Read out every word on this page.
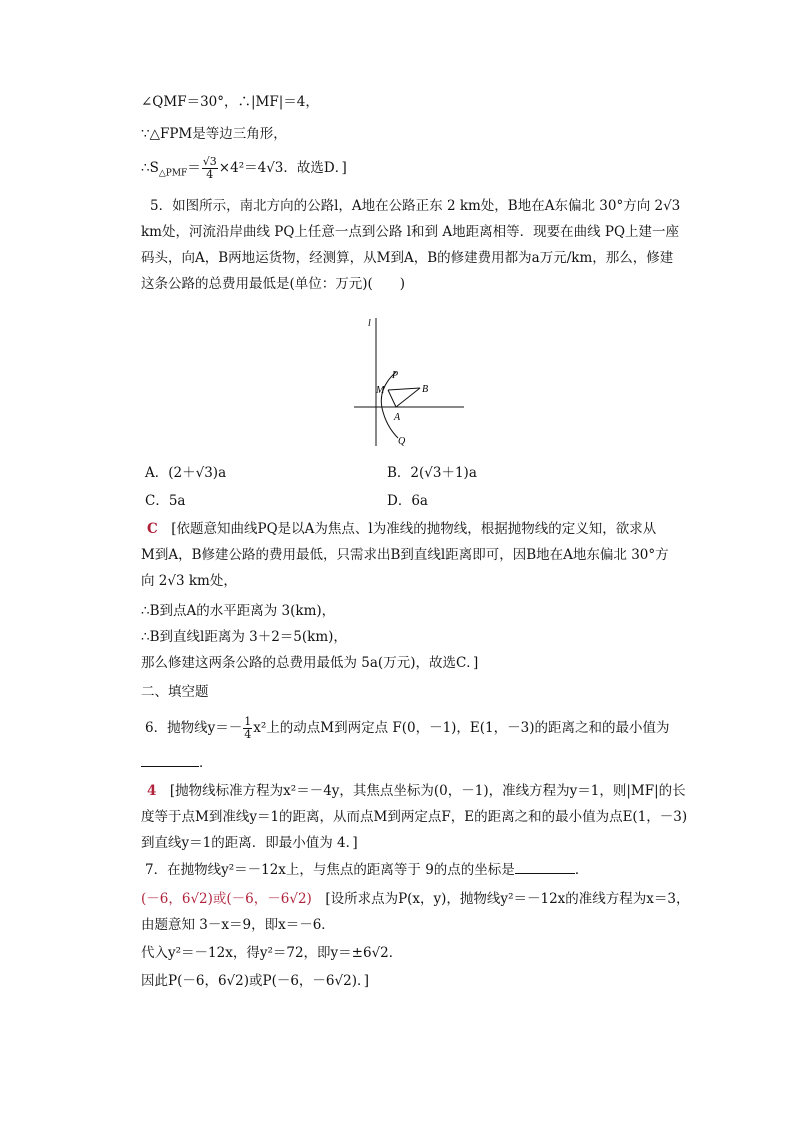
∠QMF＝30°，∴|MF|＝4，
∵△FPM是等边三角形，
$\therefore S_{\triangle PMF}= \frac{√3}{4} \times 4^2=4√3$．故选D．]
5．如图所示，南北方向的公路l，A地在公路正东 2 km处，B地在A东偏北 30°方向 2√3
km处，河流沿岸曲线 PQ上任意一点到公路 l和到 A地距离相等．现要在曲线 PQ上建一座
码头，向A，B两地运货物，经测算，从M到A，B的修建费用都为a万元/km，那么，修建
这条公路的总费用最低是(单位：万元)(　　)
l
P
M	B
A
Q
A．(2＋√3)a	B．2(√3＋1)a
C．5a	D．6a
C　 [依题意知曲线PQ是以A为焦点、l为准线的抛物线，根据抛物线的定义知，欲求从
M到A，B修建公路的费用最低，只需求出B到直线l距离即可，因B地在A地东偏北 30°方
向 2√3 km处，
∴B到点A的水平距离为 3(km)，
∴B到直线l距离为 3＋2＝5(km)，
那么修建这两条公路的总费用最低为 5a(万元)，故选C．]
二、填空题
6．抛物线$y=- \frac{1}{4} x^2$上的动点M到两定点 F(0，－1)，E(1，－3)的距离之和的最小值为
．
4　 [抛物线标准方程为x²＝－4y，其焦点坐标为(0，－1)，准线方程为y＝1，则|MF|的长
度等于点M到准线y＝1的距离，从而点M到两定点F，E的距离之和的最小值为点E(1，－3)
到直线y＝1的距离．即最小值为 4．]
7．在抛物线y²＝－12x上，与焦点的距离等于 9的点的坐标是	．
(－6，6√2)或(－6，－6√2)　 [设所求点为P(x，y)，抛物线y²＝－12x的准线方程为x＝3，
由题意知 3－x＝9，即x＝－6．
代入y²＝－12x，得y²＝72，即y＝±6√2．
因此P(－6，6√2)或P(－6，－6√2)．]
